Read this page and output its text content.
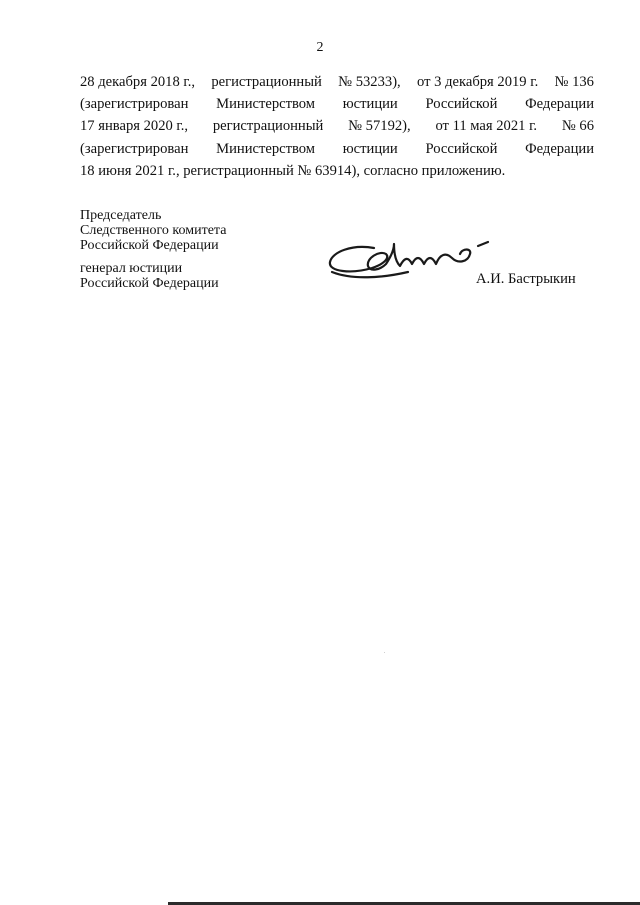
2
28 декабря 2018 г., регистрационный № 53233), от 3 декабря 2019 г. № 136
(зарегистрирован Министерством юстиции Российской Федерации
17 января 2020 г., регистрационный № 57192), от 11 мая 2021 г. № 66
(зарегистрирован Министерством юстиции Российской Федерации
18 июня 2021 г., регистрационный № 63914), согласно приложению.
Председатель
Следственного комитета
Российской Федерации
генерал юстиции
Российской Федерации	А.И. Бастрыкин
